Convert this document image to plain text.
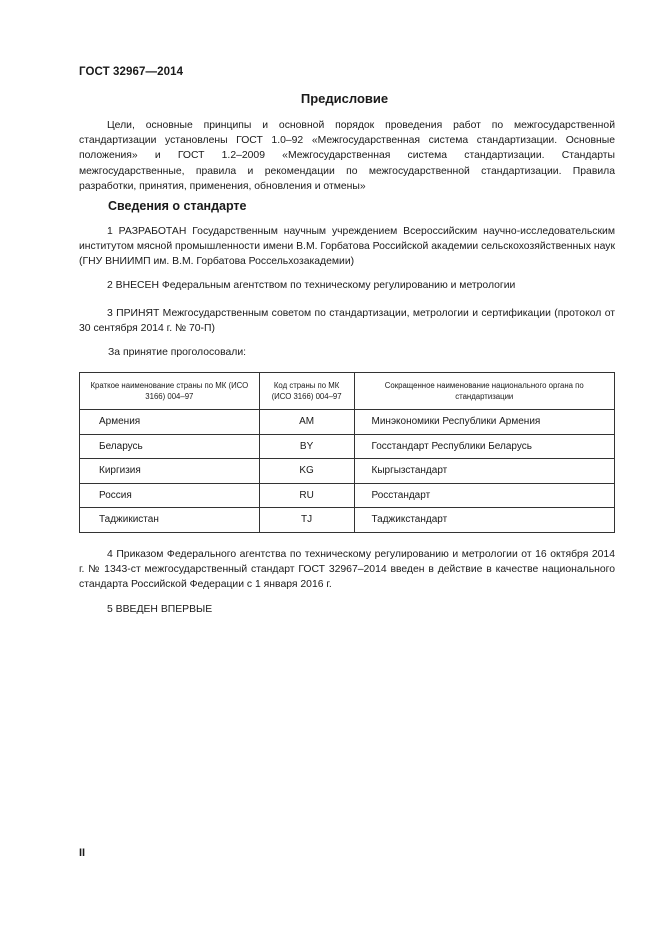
ГОСТ 32967—2014
Предисловие
Цели, основные принципы и основной порядок проведения работ по межгосударственной стандартизации установлены ГОСТ 1.0–92 «Межгосударственная система стандартизации. Основные положения» и ГОСТ 1.2–2009 «Межгосударственная система стандартизации. Стандарты межгосударственные, правила и рекомендации по межгосударственной стандартизации. Правила разработки, принятия, применения, обновления и отмены»
Сведения о стандарте
1 РАЗРАБОТАН Государственным научным учреждением Всероссийским научно-исследовательским институтом мясной промышленности имени В.М. Горбатова Российской академии сельскохозяйственных наук (ГНУ ВНИИМП им. В.М. Горбатова Россельхозакадемии)
2 ВНЕСЕН Федеральным агентством по техническому регулированию и метрологии
3 ПРИНЯТ Межгосударственным советом по стандартизации, метрологии и сертификации (протокол от 30 сентября 2014 г. № 70-П)
За принятие проголосовали:
Краткое наименование страны по МК (ИСО 3166) 004–97	Код страны по МК (ИСО 3166) 004–97	Сокращенное наименование национального органа по стандартизации
Армения	AM	Минэкономики Республики Армения
Беларусь	BY	Госстандарт Республики Беларусь
Киргизия	KG	Кыргызстандарт
Россия	RU	Росстандарт
Таджикистан	TJ	Таджикстандарт
4 Приказом Федерального агентства по техническому регулированию и метрологии от 16 октября 2014 г. № 1343-ст межгосударственный стандарт ГОСТ 32967–2014 введен в действие в качестве национального стандарта Российской Федерации с 1 января 2016 г.
5 ВВЕДЕН ВПЕРВЫЕ
II
